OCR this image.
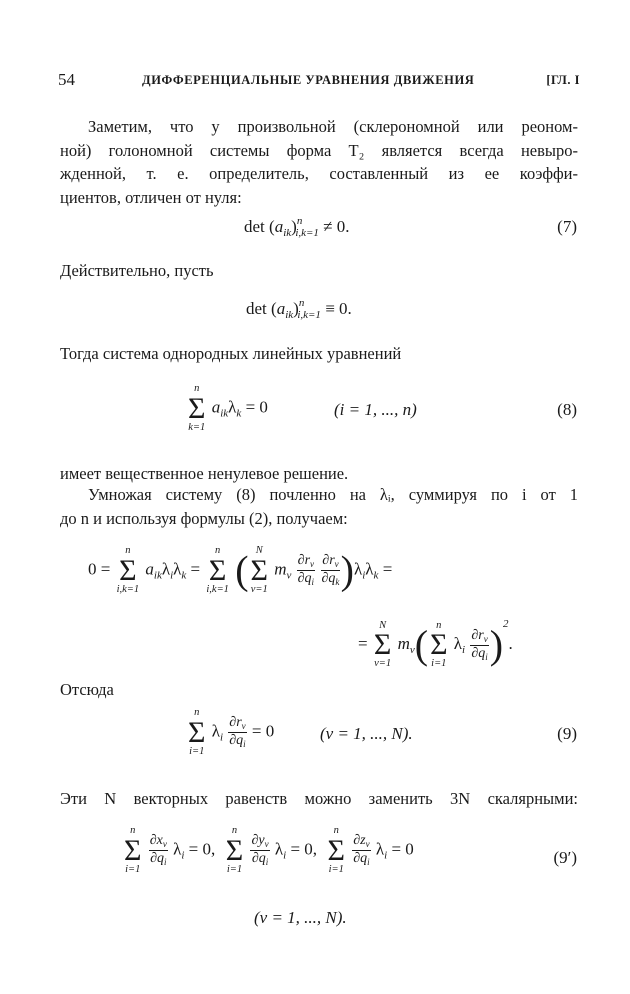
54	ДИФФЕРЕНЦИАЛЬНЫЕ УРАВНЕНИЯ ДВИЖЕНИЯ	[ГЛ. I
Заметим, что у произвольной (склерономной или реоном-
ной) голономной системы форма T₂ является всегда невыро-
жденной, т. е. определитель, составленный из ее коэффи-
циентов, отличен от нуля:
$\det (a_{ik})^n_{i,k=1} \ne 0$.	(7)
Действительно, пусть
$\det (a_{ik})^n_{i,k=1} \equiv 0$.
Тогда система однородных линейных уравнений
n
Σ
k=1
$a_{ik}\lambda_k = 0$	(i = 1, ..., n)	(8)
имеет вещественное ненулевое решение.
Умножая систему (8) почленно на λᵢ, суммируя по i от 1
до n и используя формулы (2), получаем:
0 =
n
Σ
i,k=1
$a_{ik}\lambda_i\lambda_k$ =
n
Σ
i,k=1 ( N
Σ
ν=1
$m_\nu \frac{\partial r_\nu}{\partial q_i}$
$\frac{\partial r_\nu}{\partial q_k} )\lambda_i\lambda_k$ =
=
N
Σ
ν=1
$m_\nu$( n
Σ
i=1
$\lambda_i \frac{\partial r_\nu}{\partial q_i} )^2$.
Отсюда
n
Σ
i=1
$\lambda_i \frac{\partial r_\nu}{\partial q_i} = 0$	(ν = 1, ..., N).	(9)
Эти N векторных равенств можно заменить 3N скалярными:
n
Σ
i=1

$\frac{\partial x_\nu}{\partial q_i} \lambda_i = 0$,
n
Σ
i=1

$\frac{\partial y_\nu}{\partial q_i} \lambda_i = 0$,
n
Σ
i=1

$\frac{\partial z_\nu}{\partial q_i} \lambda_i = 0$	(9′)
(ν = 1, ..., N).
